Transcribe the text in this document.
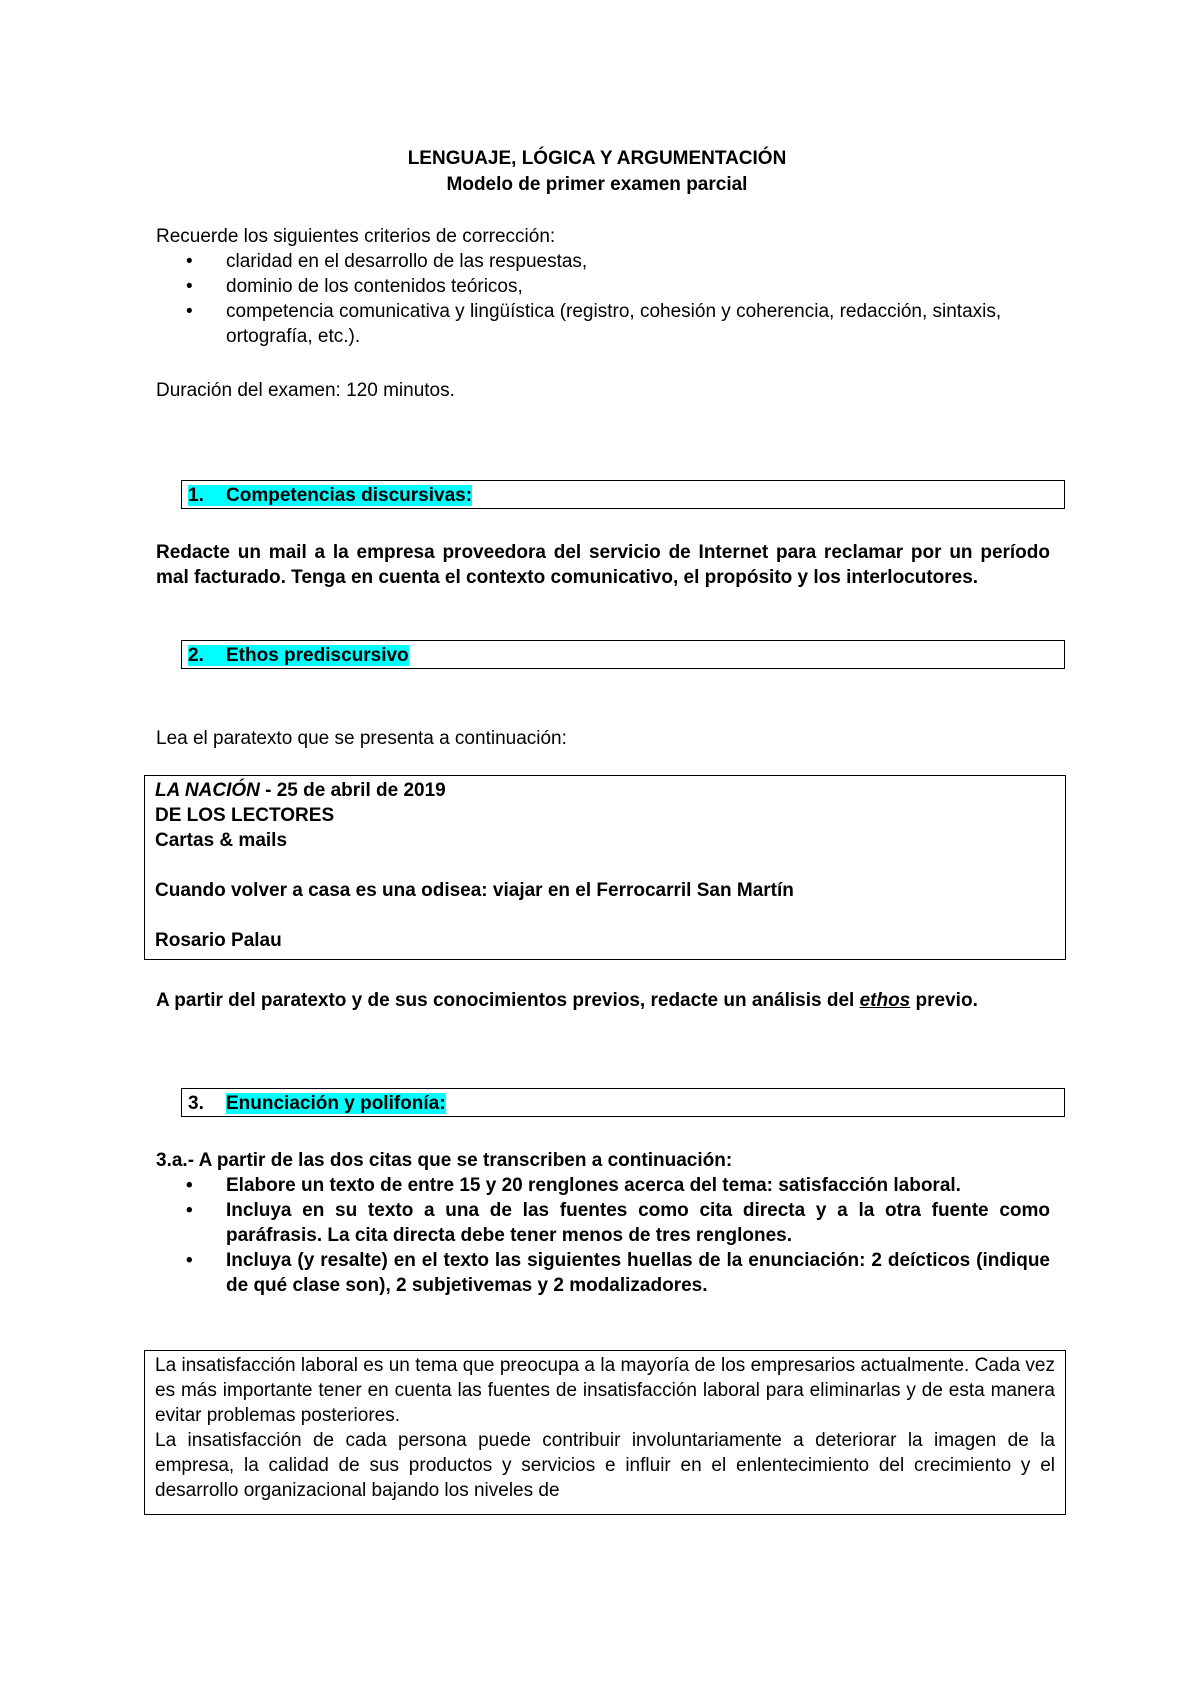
LENGUAJE, LÓGICA Y ARGUMENTACIÓN
Modelo de primer examen parcial
Recuerde los siguientes criterios de corrección:
• claridad en el desarrollo de las respuestas,
• dominio de los contenidos teóricos,
• competencia comunicativa y lingüística (registro, cohesión y coherencia, redacción, sintaxis, ortografía, etc.).
Duración del examen: 120 minutos.
1. Competencias discursivas:
Redacte un mail a la empresa proveedora del servicio de Internet para reclamar por un período mal facturado. Tenga en cuenta el contexto comunicativo, el propósito y los interlocutores.
2. Ethos prediscursivo
Lea el paratexto que se presenta a continuación:
LA NACIÓN - 25 de abril de 2019
DE LOS LECTORES
Cartas & mails
Cuando volver a casa es una odisea: viajar en el Ferrocarril San Martín
Rosario Palau
A partir del paratexto y de sus conocimientos previos, redacte un análisis del ethos previo.
3. Enunciación y polifonía:
3.a.- A partir de las dos citas que se transcriben a continuación:
• Elabore un texto de entre 15 y 20 renglones acerca del tema: satisfacción laboral.
• Incluya en su texto a una de las fuentes como cita directa y a la otra fuente como paráfrasis. La cita directa debe tener menos de tres renglones.
• Incluya (y resalte) en el texto las siguientes huellas de la enunciación: 2 deícticos (indique de qué clase son), 2 subjetivemas y 2 modalizadores.
La insatisfacción laboral es un tema que preocupa a la mayoría de los empresarios actualmente. Cada vez es más importante tener en cuenta las fuentes de insatisfacción laboral para eliminarlas y de esta manera evitar problemas posteriores.
La insatisfacción de cada persona puede contribuir involuntariamente a deteriorar la imagen de la empresa, la calidad de sus productos y servicios e influir en el enlentecimiento del crecimiento y el desarrollo organizacional bajando los niveles de
